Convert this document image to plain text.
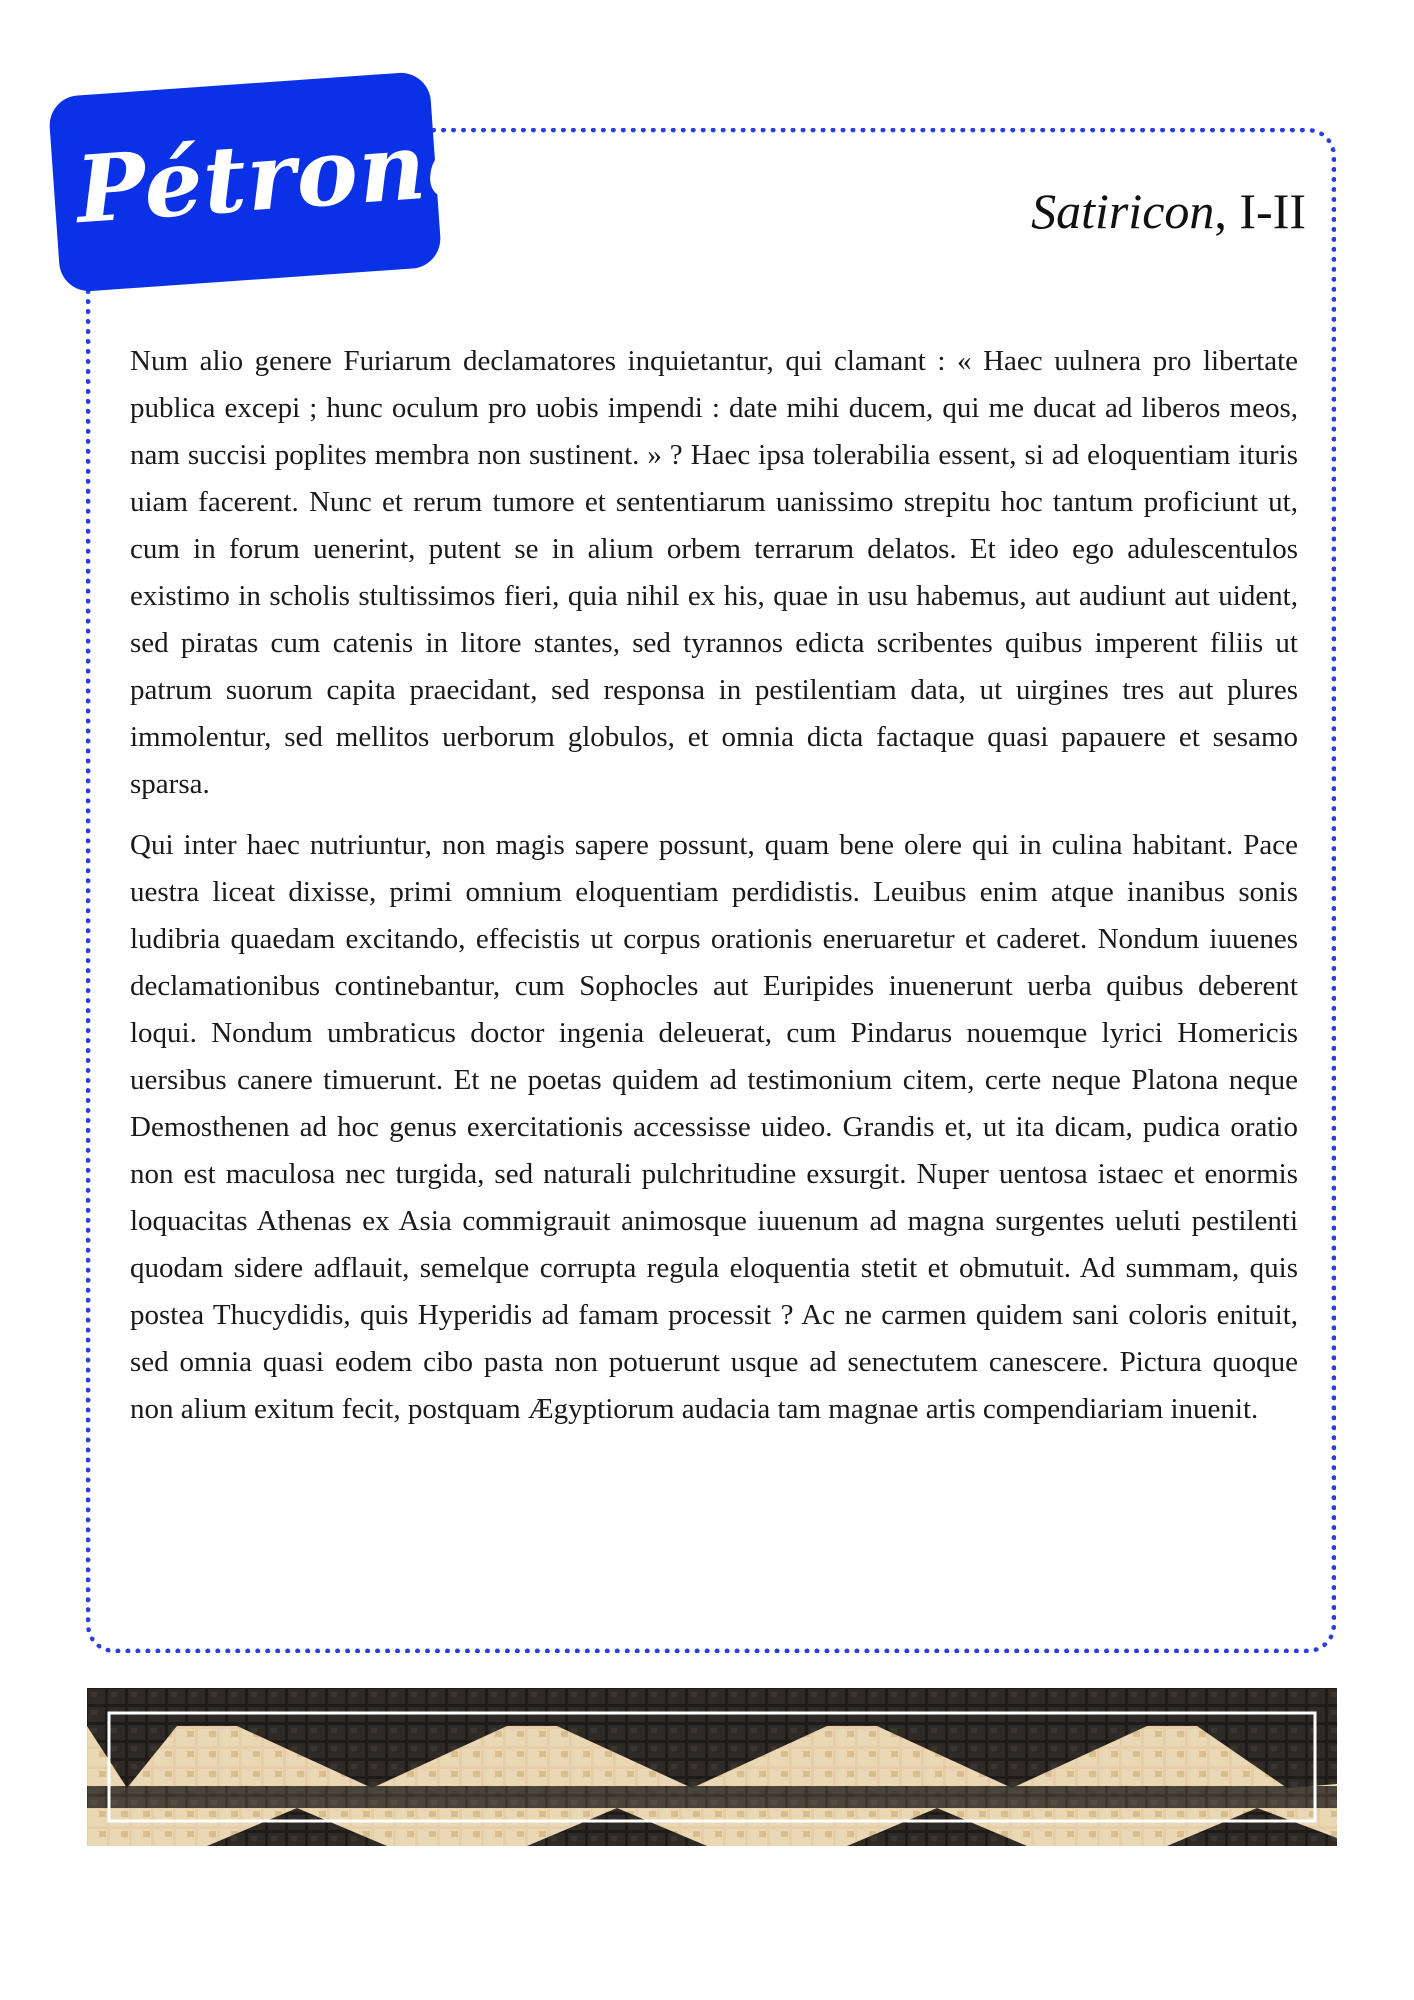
Pétrone	Satiricon, I-II

Num alio genere Furiarum declamatores inquietantur, qui clamant : « Haec uulnera pro libertate publica excepi ; hunc oculum pro uobis impendi : date mihi ducem, qui me ducat ad liberos meos, nam succisi poplites membra non sustinent. » ? Haec ipsa tolerabilia essent, si ad eloquentiam ituris uiam facerent. Nunc et rerum tumore et sententiarum uanissimo strepitu hoc tantum proficiunt ut, cum in forum uenerint, putent se in alium orbem terrarum delatos. Et ideo ego adulescentulos existimo in scholis stultissimos fieri, quia nihil ex his, quae in usu habemus, aut audiunt aut uident, sed piratas cum catenis in litore stantes, sed tyrannos edicta scribentes quibus imperent filiis ut patrum suorum capita praecidant, sed responsa in pestilentiam data, ut uirgines tres aut plures immolentur, sed mellitos uerborum globulos, et omnia dicta factaque quasi papauere et sesamo sparsa.

Qui inter haec nutriuntur, non magis sapere possunt, quam bene olere qui in culina habitant. Pace uestra liceat dixisse, primi omnium eloquentiam perdidistis. Leuibus enim atque inanibus sonis ludibria quaedam excitando, effecistis ut corpus orationis eneruaretur et caderet. Nondum iuuenes declamationibus continebantur, cum Sophocles aut Euripides inuenerunt uerba quibus deberent loqui. Nondum umbraticus doctor ingenia deleuerat, cum Pindarus nouemque lyrici Homericis uersibus canere timuerunt. Et ne poetas quidem ad testimonium citem, certe neque Platona neque Demosthenen ad hoc genus exercitationis accessisse uideo. Grandis et, ut ita dicam, pudica oratio non est maculosa nec turgida, sed naturali pulchritudine exsurgit. Nuper uentosa istaec et enormis loquacitas Athenas ex Asia commigrauit animosque iuuenum ad magna surgentes ueluti pestilenti quodam sidere adflauit, semelque corrupta regula eloquentia stetit et obmutuit. Ad summam, quis postea Thucydidis, quis Hyperidis ad famam processit ? Ac ne carmen quidem sani coloris enituit, sed omnia quasi eodem cibo pasta non potuerunt usque ad senectutem canescere. Pictura quoque non alium exitum fecit, postquam Ægyptiorum audacia tam magnae artis compendiariam inuenit.
